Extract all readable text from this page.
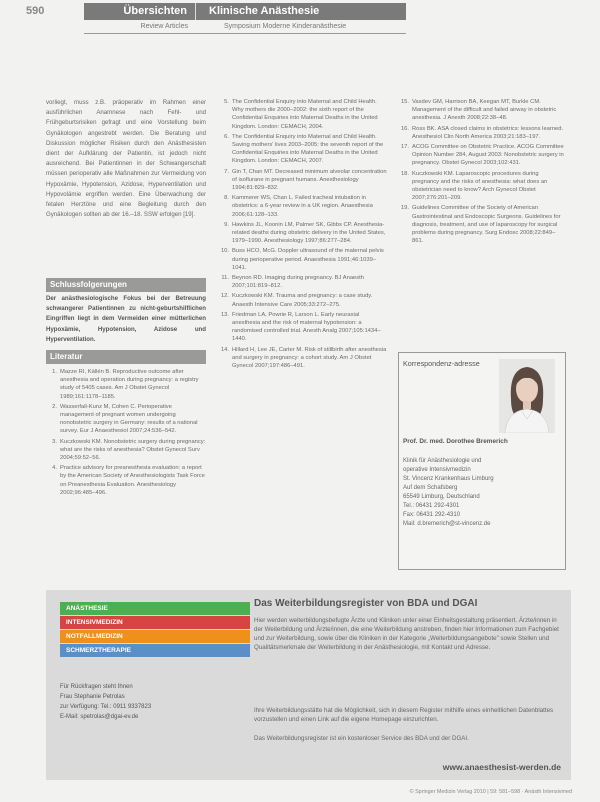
590	Übersichten	Klinische Anästhesie
Review Articles	Symposium Moderne Kinderanästhesie

vorliegt, muss z.B. präoperativ im Rahmen einer ausführlichen Anamnese nach Fehl- und Frühgeburtsrisiken gefragt und eine Vorstellung beim Gynäkologen angestrebt werden. Die Beratung und Diskussion möglicher Risiken durch den Anästhesisten dient der Aufklärung der Patientin, ist jedoch nicht ausreichend. Bei Patientinnen in der Schwangerschaft müssen perioperativ alle Maßnahmen zur Vermeidung von Hypoxämie, Hypotension, Azidose, Hyperventilation und Hypovolämie ergriffen werden. Eine Überwachung der fetalen Herztöne und eine Begleitung durch den Gynäkologen sollten ab der 16.–18. SSW erfolgen [19].

Schlussfolgerungen

Der anästhesiologische Fokus bei der Betreuung schwangerer Patientinnen zu nicht-geburtshilflichen Eingriffen liegt in dem Vermeiden einer mütterlichen Hypoxämie, Hypotension, Azidose und Hyperventilation.

Literatur
1. Mazze RI, Källén B. Reproductive outcome after anesthesia and operation during pregnancy: a registry study of 5405 cases. Am J Obstet Gynecol 1989;161:1178–1185.
2. Wasserfall-Kunz M, Cohen C. Perioperative management of pregnant women undergoing nonobstetric surgery in Germany: results of a national survey. Eur J Anaesthesiol 2007;24:536–542.
3. Kuczkowski KM. Nonobstetric surgery during pregnancy: what are the risks of anesthesia? Obstet Gynecol Surv 2004;59:52–56.
4. Practice advisory for preanesthesia evaluation: a report by the American Society of Anesthesiologists Task Force on Preanesthesia Evaluation. Anesthesiology 2002;96:485–496.
5. The Confidential Enquiry into Maternal and Child Health. Why mothers die 2000–2002: the sixth report of the Confidential Enquiries into Maternal Deaths in the United Kingdom. London: CEMACH, 2004.
6. The Confidential Enquiry into Maternal and Child Health. Saving mothers' lives 2003–2005: the seventh report of the Confidential Enquiries into Maternal Deaths in the United Kingdom. London: CEMACH, 2007.
7. Gin T, Chan MT. Decreased minimum alveolar concentration of isoflurane in pregnant humans. Anesthesiology 1994;81:829–832.
8. Kammerer WS, Chan L. Failed tracheal intubation in obstetrics: a 6-year review in a UK region. Anaesthesia 2006;61:128–133.
9. Hawkins JL, Koonin LM, Palmer SK, Gibbs CP. Anesthesia-related deaths during obstetric delivery in the United States, 1979–1990. Anesthesiology 1997;86:277–284.
10. Buss HCO, McG. Doppler ultrasound of the maternal pelvis during perioperative period. Anaesthesia 1991;46:1039–1041.
11. Beynon RD. Imaging during pregnancy. BJ Anaesth 2007;101:819–812.
12. Kuczkowski KM. Trauma and pregnancy: a case study. Anaesth Intensive Care 2005;33:272–275.
13. Friedman LA, Powrie R, Larson L. Early neuraxial anesthesia and the risk of maternal hypotension: a randomised controlled trial. Anesth Analg 2007;105:1434–1440.
14. Hillard H, Lee JE, Carter M. Risk of stillbirth after anesthesia and surgery in pregnancy: a cohort study. Am J Obstet Gynecol 2007;197:486–491.
15. Vasdev GM, Harrison BA, Keegan MT, Burkle CM. Management of the difficult and failed airway in obstetric anesthesia. J Anesth 2008;22:38–48.
16. Ross BK. ASA closed claims in obstetrics: lessons learned. Anesthesiol Clin North America 2003;21:183–197.
17. ACOG Committee on Obstetric Practice. ACOG Committee Opinion Number 284, August 2003: Nonobstetric surgery in pregnancy. Obstet Gynecol 2003;102:431.
18. Kuczkowski KM. Laparoscopic procedures during pregnancy and the risks of anesthesia: what does an obstetrician need to know? Arch Gynecol Obstet 2007;276:201–209.
19. Guidelines Committee of the Society of American Gastrointestinal and Endoscopic Surgeons. Guidelines for diagnosis, treatment, and use of laparoscopy for surgical problems during pregnancy. Surg Endosc 2008;22:849–861.

Korrespondenz-adresse

Prof. Dr. med. Dorothee Bremerich
Klinik für Anästhesiologie und
operative Intensivmedizin
St. Vincenz Krankenhaus Limburg
Auf dem Schafsberg
65549 Limburg, Deutschland
Tel.: 06431 292-4301
Fax: 06431 292-4310
Mail: d.bremerich@st-vincenz.de
ANÄSTHESIE
INTENSIVMEDIZIN
NOTFALLMEDIZIN
SCHMERZTHERAPIE
Für Rückfragen steht Ihnen
Frau Stephanie Petrolas
zur Verfügung: Tel.: 0911 9337823
E-Mail: spetrolas@dgai-ev.de
Das Weiterbildungsregister von BDA und DGAI

Hier werden weiterbildungsbefugte Ärzte und Kliniken unter einer Einheitsgestaltung präsentiert. Ärzte/innen in der Weiterbildung und Ärzte/innen, die eine Weiterbildung anstreben, finden hier Informationen zum Fachgebiet und zur Weiterbildung, sowie über die Kliniken in der Kategorie „Weiterbildungsangebote" sowie Stellen und Qualitätsmerkmale der Weiterbildung in der Anästhesiologie, mit Kontakt und Adresse.

Ihre Weiterbildungsstätte hat die Möglichkeit, sich in diesem Register mithilfe eines einheitlichen Datenblattes vorzustellen und einen Link auf die eigene Homepage einzurichten.

Das Weiterbildungsregister ist ein kostenloser Service des BDA und der DGAI.

www.anaesthesist-werden.de
© Springer Medizin Verlag 2010 | 59: 581–598 · Anästh Intensivmed
